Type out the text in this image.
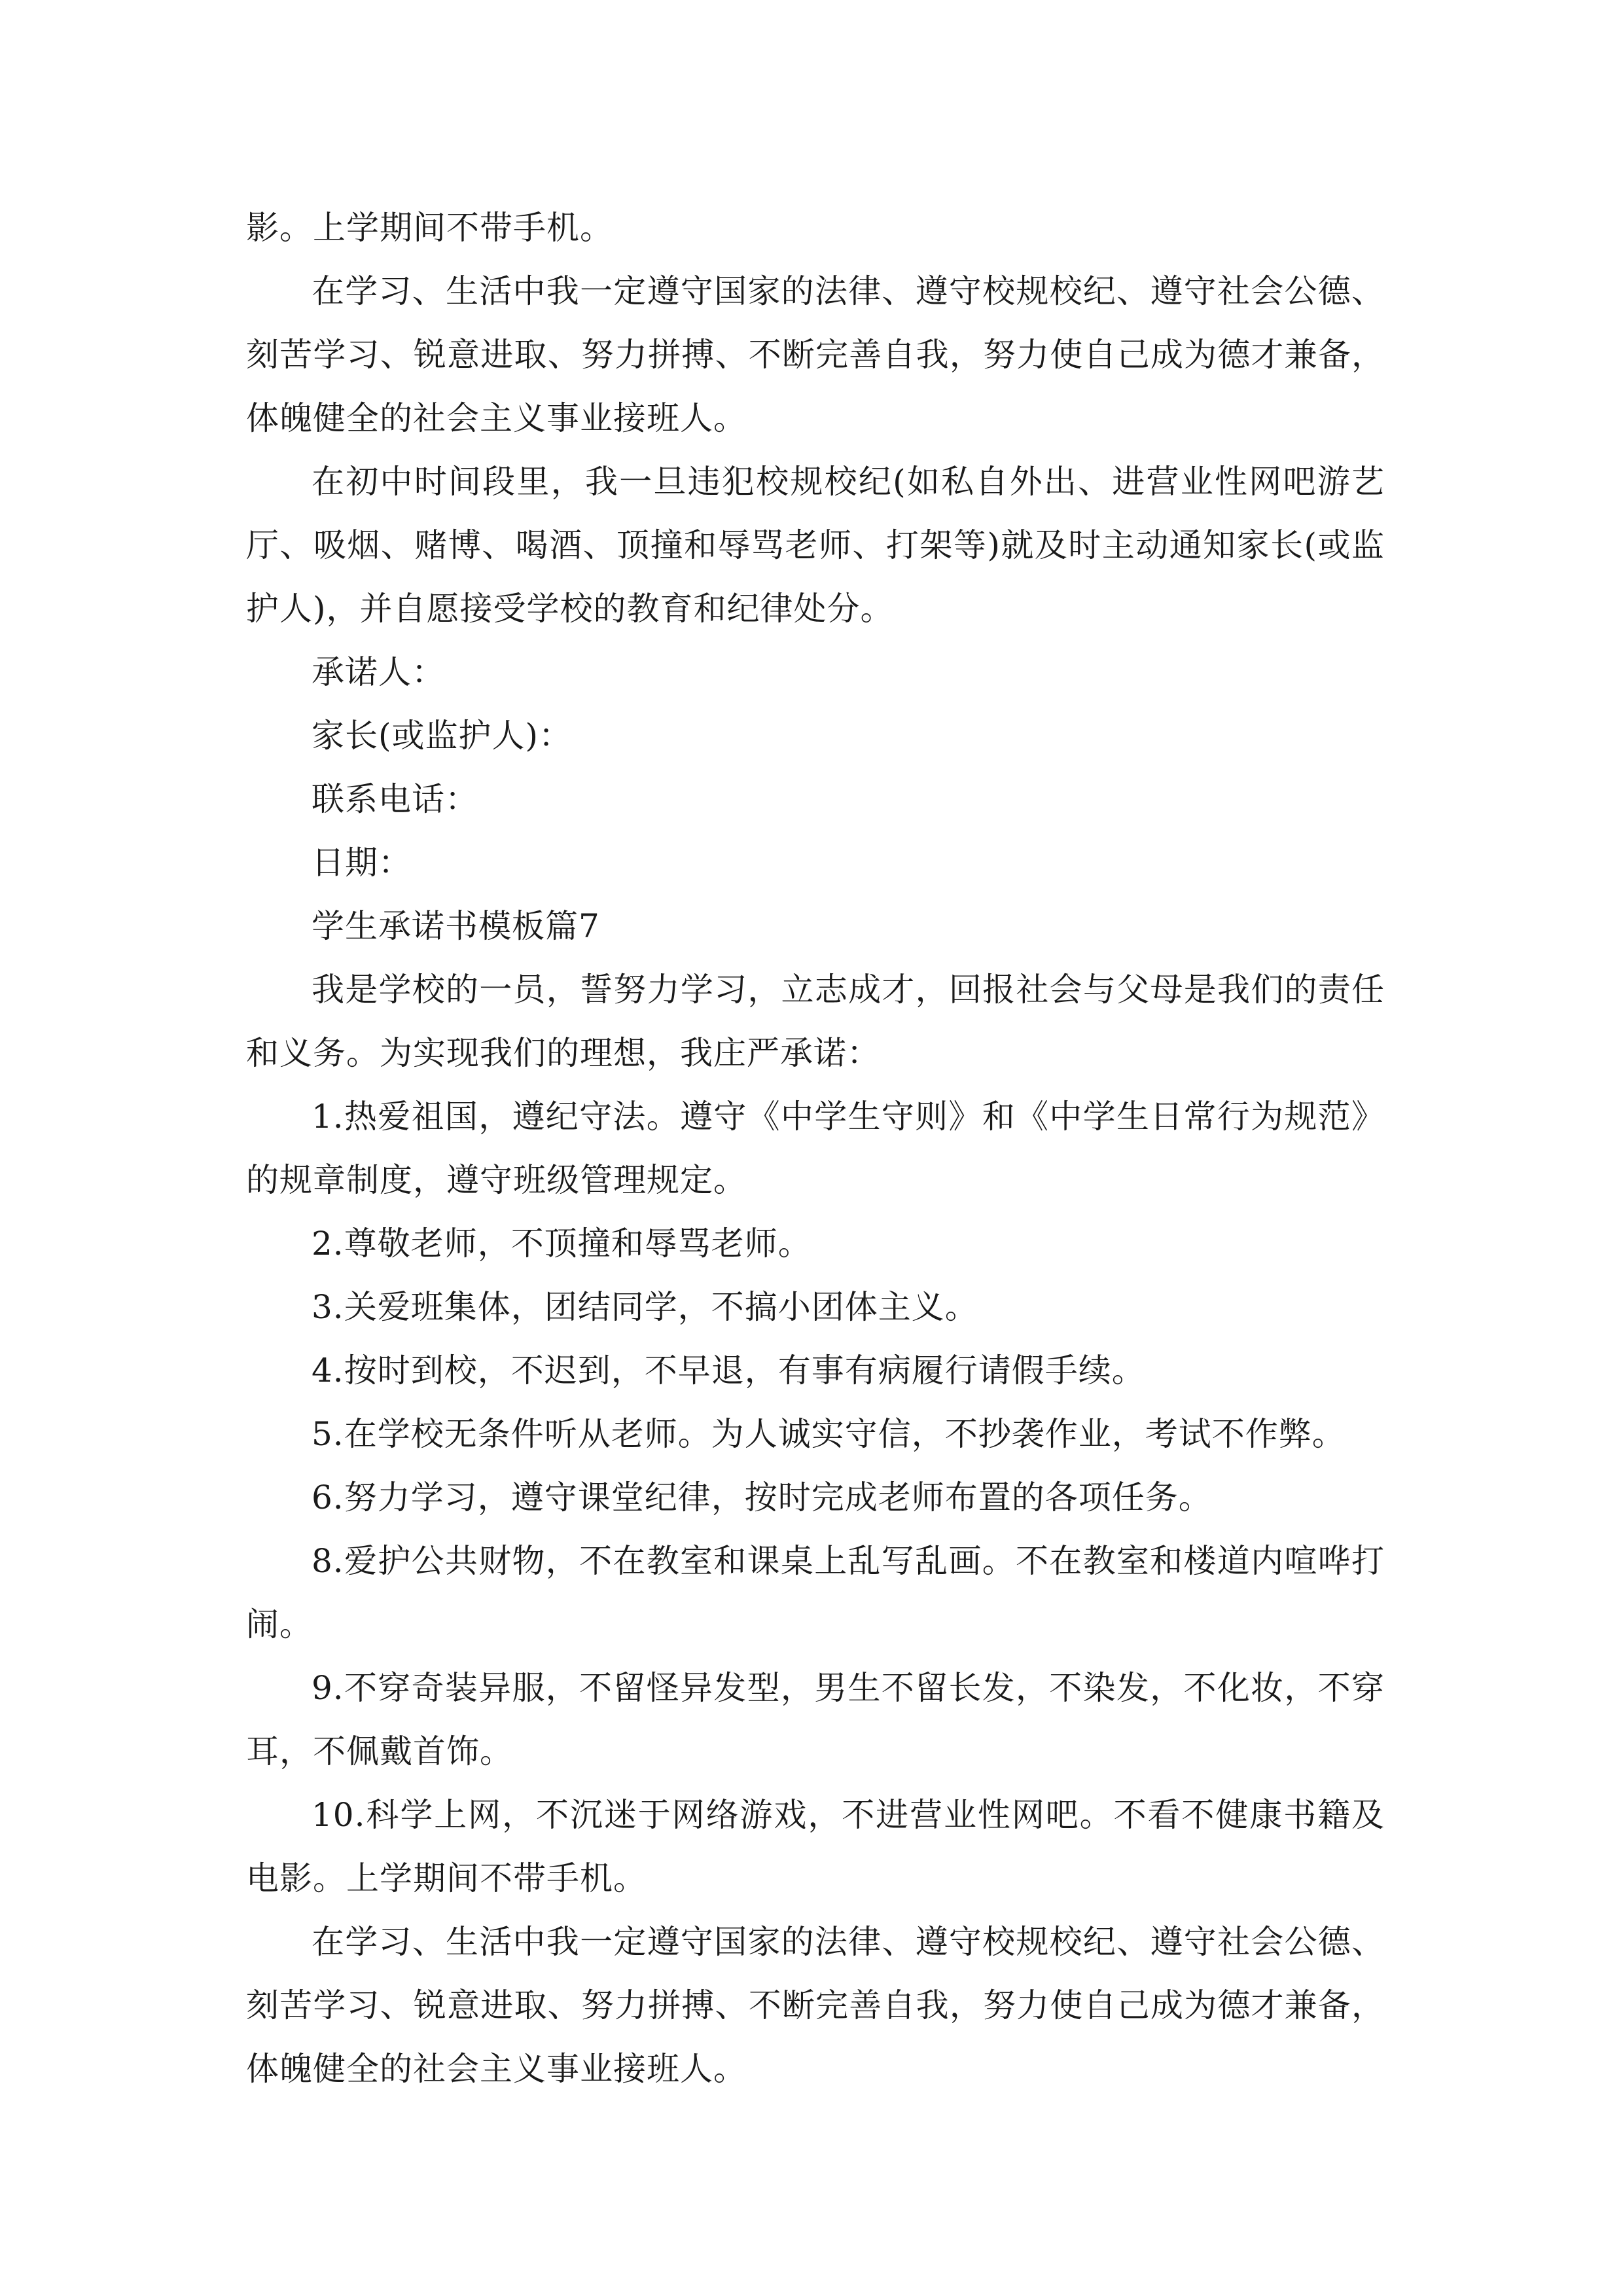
影。上学期间不带手机。

在学习、生活中我一定遵守国家的法律、遵守校规校纪、遵守社会公德、刻苦学习、锐意进取、努力拼搏、不断完善自我，努力使自己成为德才兼备，体魄健全的社会主义事业接班人。

在初中时间段里，我一旦违犯校规校纪(如私自外出、进营业性网吧游艺厅、吸烟、赌博、喝酒、顶撞和辱骂老师、打架等)就及时主动通知家长(或监护人)，并自愿接受学校的教育和纪律处分。

承诺人：

家长(或监护人)：

联系电话：

日期：

学生承诺书模板篇7

我是学校的一员，誓努力学习，立志成才，回报社会与父母是我们的责任和义务。为实现我们的理想，我庄严承诺：

1.热爱祖国，遵纪守法。遵守《中学生守则》和《中学生日常行为规范》的规章制度，遵守班级管理规定。

2.尊敬老师，不顶撞和辱骂老师。

3.关爱班集体，团结同学，不搞小团体主义。

4.按时到校，不迟到，不早退，有事有病履行请假手续。

5.在学校无条件听从老师。为人诚实守信，不抄袭作业，考试不作弊。

6.努力学习，遵守课堂纪律，按时完成老师布置的各项任务。

8.爱护公共财物，不在教室和课桌上乱写乱画。不在教室和楼道内喧哗打闹。

9.不穿奇装异服，不留怪异发型，男生不留长发，不染发，不化妆，不穿耳，不佩戴首饰。

10.科学上网，不沉迷于网络游戏，不进营业性网吧。不看不健康书籍及电影。上学期间不带手机。

在学习、生活中我一定遵守国家的法律、遵守校规校纪、遵守社会公德、刻苦学习、锐意进取、努力拼搏、不断完善自我，努力使自己成为德才兼备，体魄健全的社会主义事业接班人。
